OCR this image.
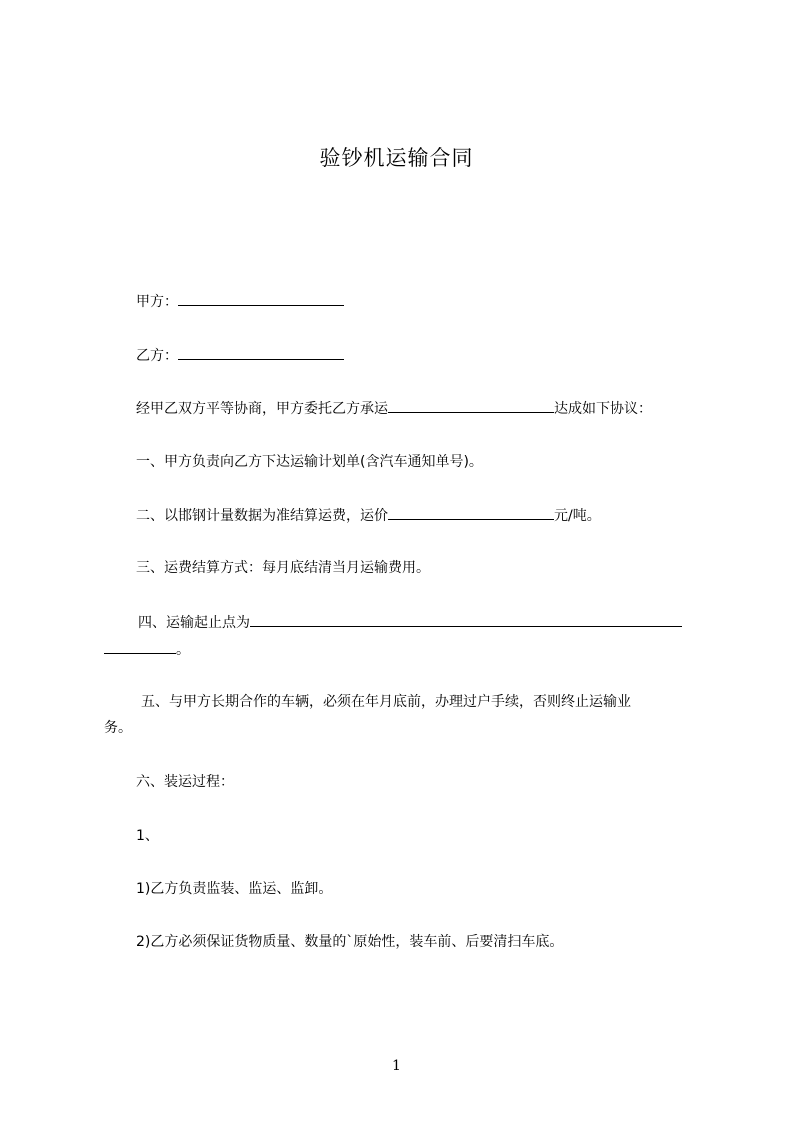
验钞机运输合同
甲方：
乙方：
经甲乙双方平等协商，甲方委托乙方承运	达成如下协议：
一、甲方负责向乙方下达运输计划单(含汽车通知单号)。
二、以邯钢计量数据为准结算运费，运价	元/吨。
三、运费结算方式：每月底结清当月运输费用。
四、运输起止点为
。
五、与甲方长期合作的车辆，必须在年月底前，办理过户手续，否则终止运输业
务。
六、装运过程：
1、
1)乙方负责监装、监运、监卸。
2)乙方必须保证货物质量、数量的`原始性，装车前、后要清扫车底。
1
